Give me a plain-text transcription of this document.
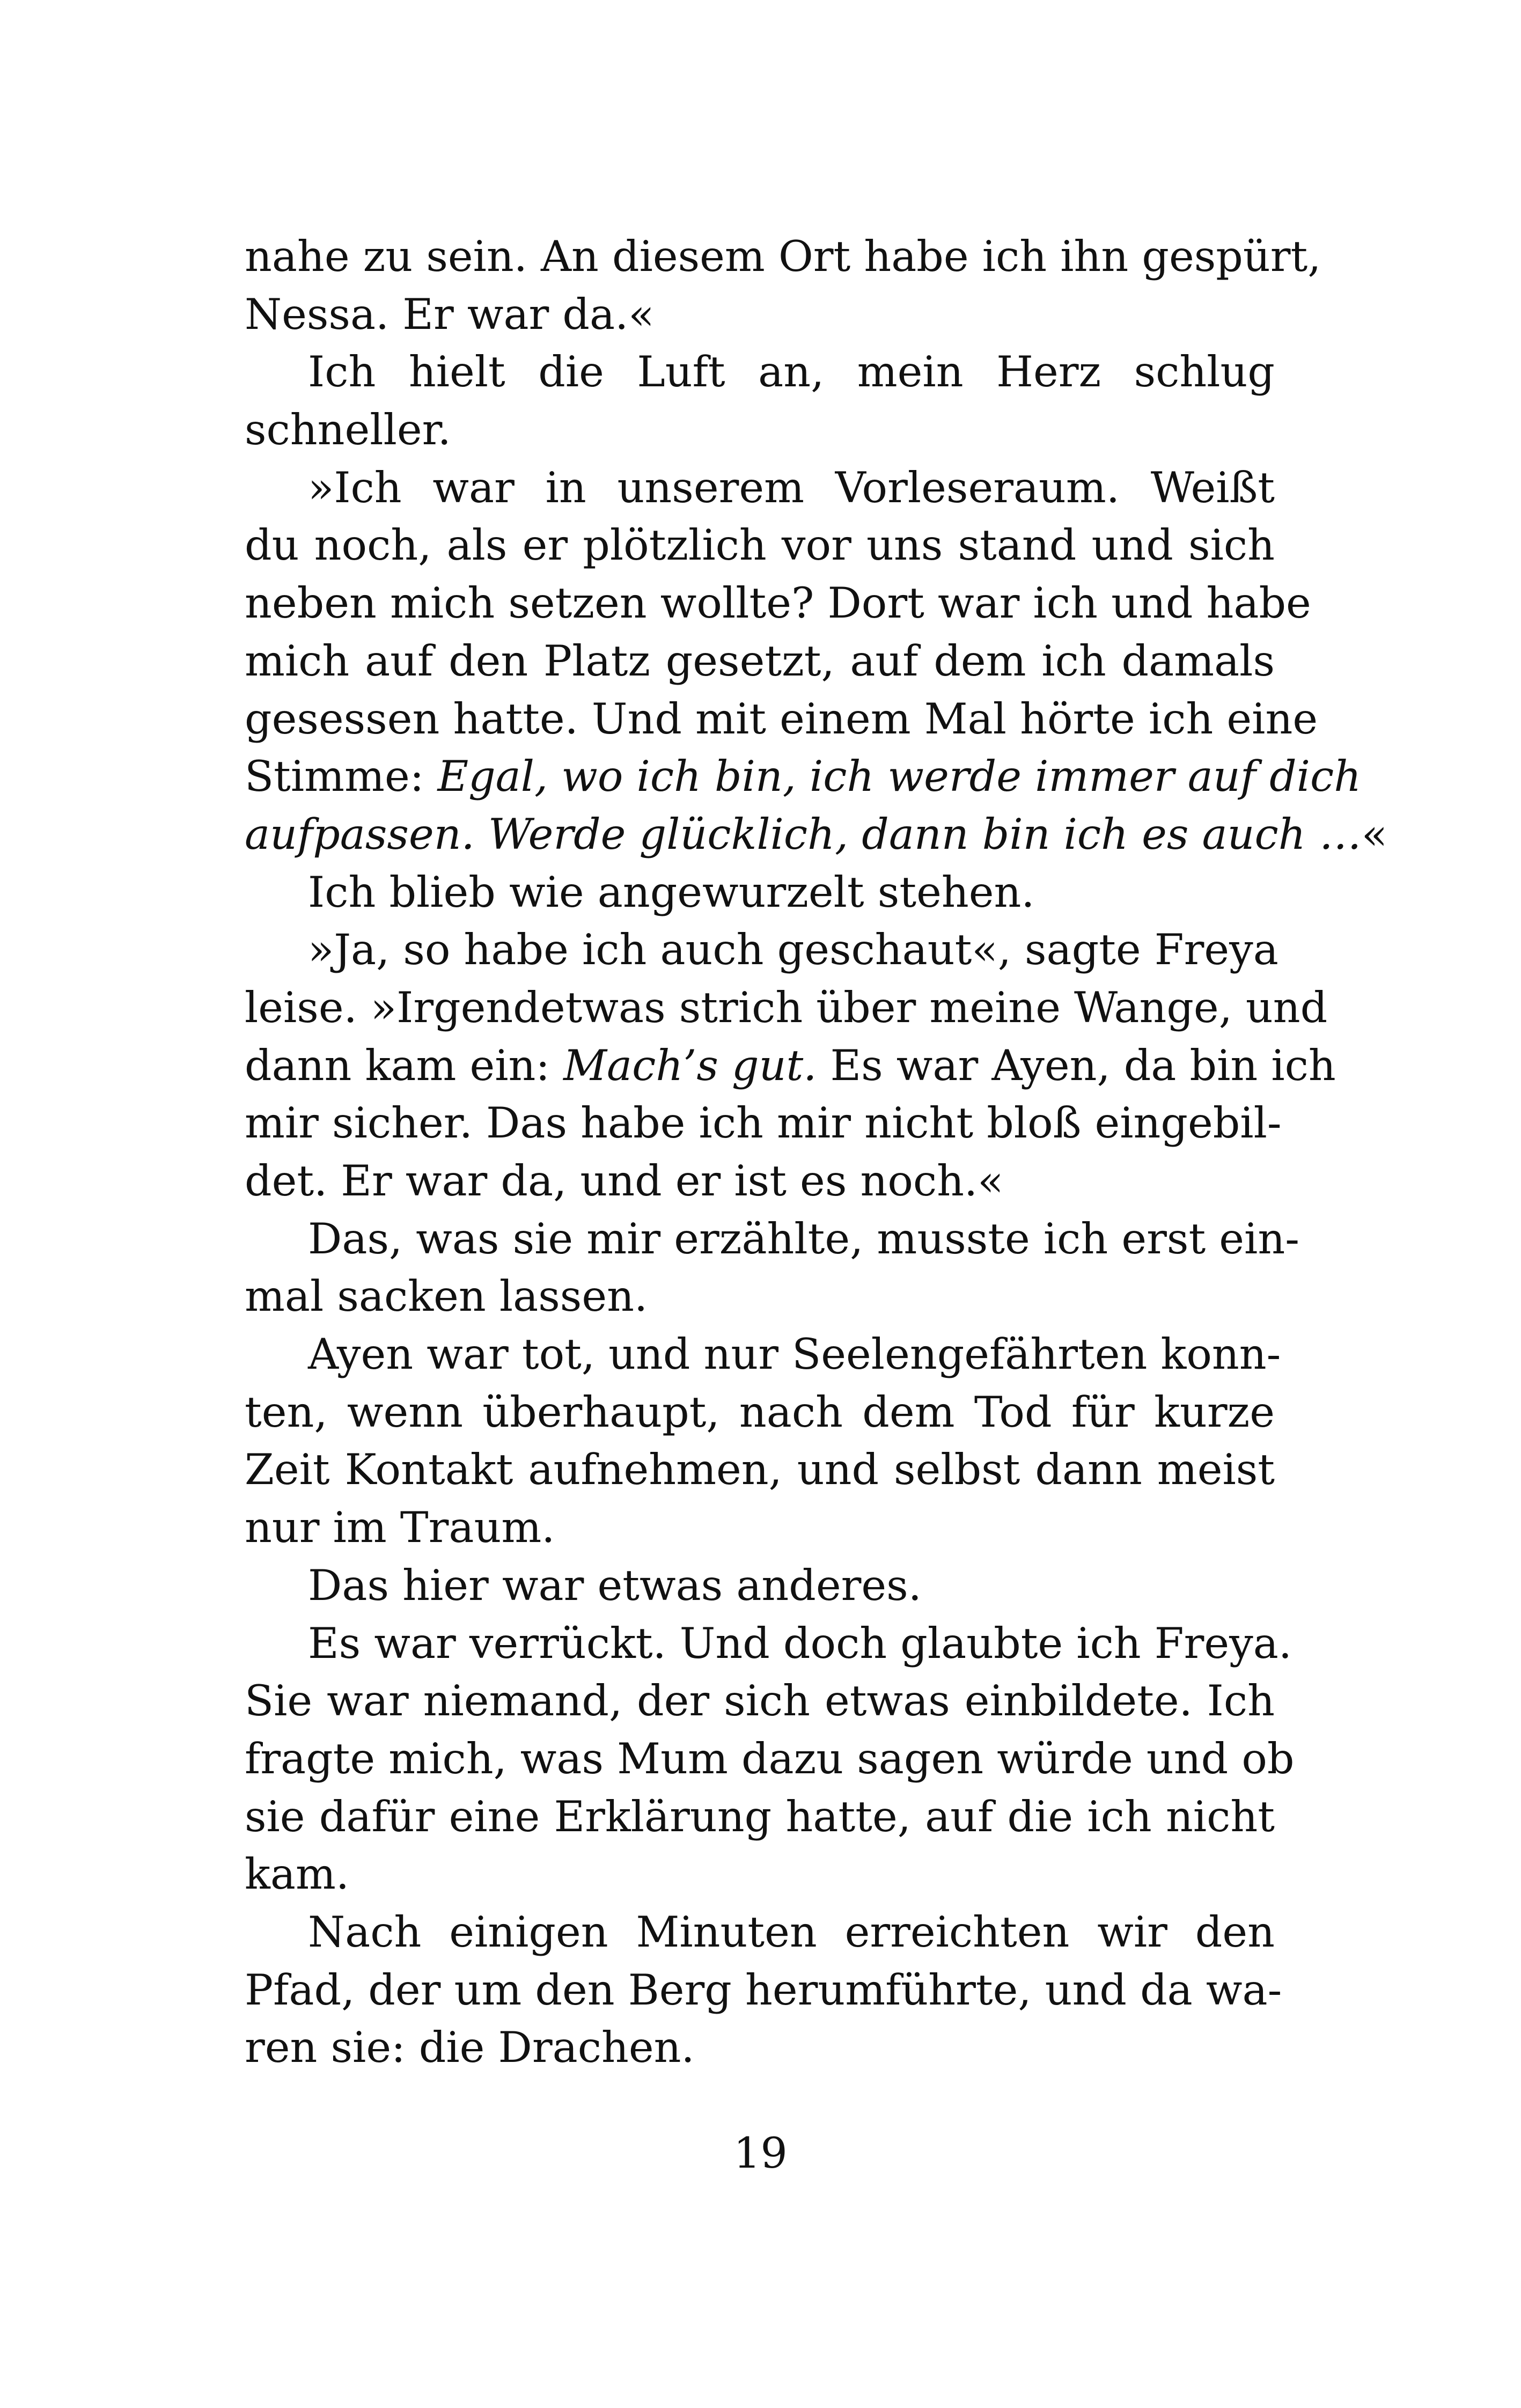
nahe zu sein. An diesem Ort habe ich ihn gespürt,
Nessa. Er war da.«
Ich hielt die Luft an, mein Herz schlug
schneller.
»Ich war in unserem Vorleseraum. Weißt
du noch, als er plötzlich vor uns stand und sich
neben mich setzen wollte? Dort war ich und habe
mich auf den Platz gesetzt, auf dem ich damals
gesessen hatte. Und mit einem Mal hörte ich eine
Stimme: Egal, wo ich bin, ich werde immer auf dich
aufpassen. Werde glücklich, dann bin ich es auch …«
Ich blieb wie angewurzelt stehen.
»Ja, so habe ich auch geschaut«, sagte Freya
leise. »Irgendetwas strich über meine Wange, und
dann kam ein: Mach’s gut. Es war Ayen, da bin ich
mir sicher. Das habe ich mir nicht bloß eingebil-
det. Er war da, und er ist es noch.«
Das, was sie mir erzählte, musste ich erst ein-
mal sacken lassen.
Ayen war tot, und nur Seelengefährten konn-
ten, wenn überhaupt, nach dem Tod für kurze
Zeit Kontakt aufnehmen, und selbst dann meist
nur im Traum.
Das hier war etwas anderes.
Es war verrückt. Und doch glaubte ich Freya.
Sie war niemand, der sich etwas einbildete. Ich
fragte mich, was Mum dazu sagen würde und ob
sie dafür eine Erklärung hatte, auf die ich nicht
kam.
Nach einigen Minuten erreichten wir den
Pfad, der um den Berg herumführte, und da wa-
ren sie: die Drachen.
19
